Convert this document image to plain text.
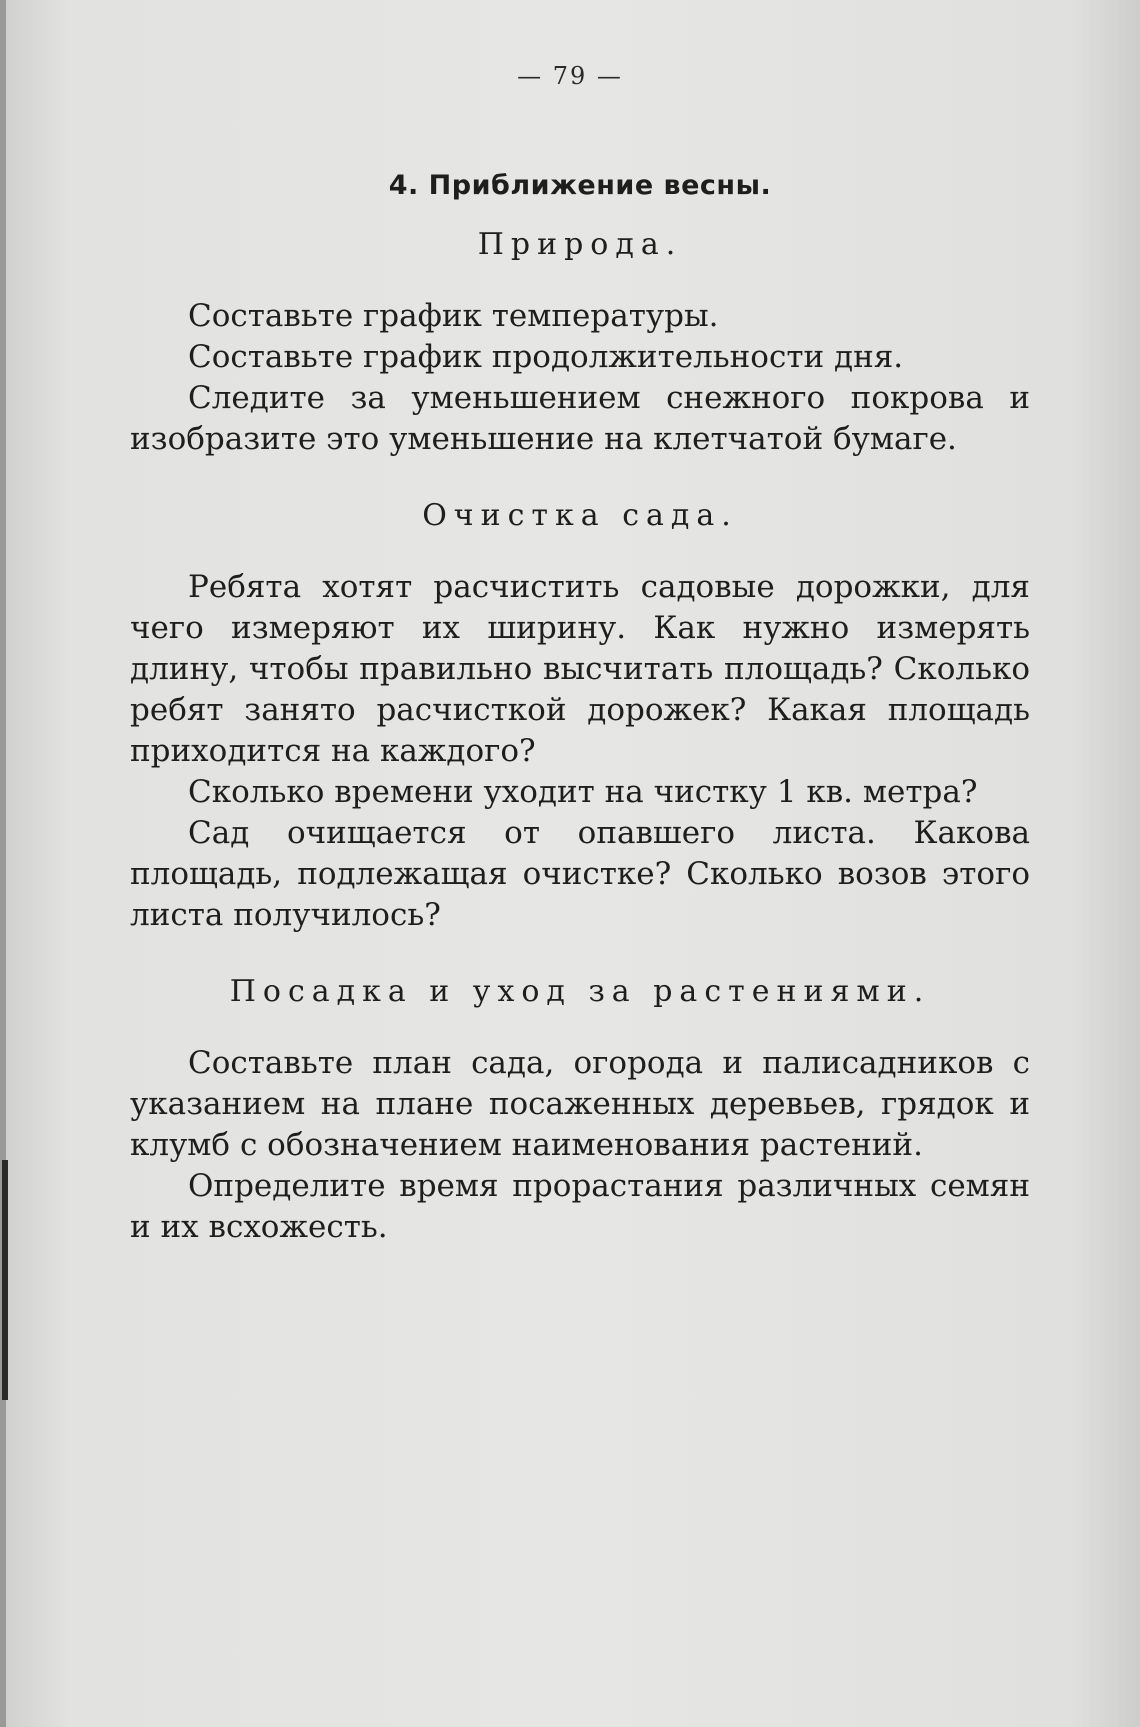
— 79 —
4. Приближение весны.
Природа.

Составьте график температуры.

Составьте график продолжительности дня.

Следите за уменьшением снежного покрова и изобразите это уменьшение на клетчатой бумаге.

Очистка сада.

Ребята хотят расчистить садовые дорожки, для чего измеряют их ширину. Как нужно измерять длину, чтобы правильно высчитать площадь? Сколько ребят занято расчисткой дорожек? Какая площадь приходится на каждого?

Сколько времени уходит на чистку 1 кв. метра?

Сад очищается от опавшего листа. Какова площадь, подлежащая очистке? Сколько возов этого листа получилось?

Посадка и уход за растениями.

Составьте план сада, огорода и палисадников с указанием на плане посаженных деревьев, грядок и клумб с обозначением наименования растений.

Определите время прорастания различных семян и их всхожесть.
